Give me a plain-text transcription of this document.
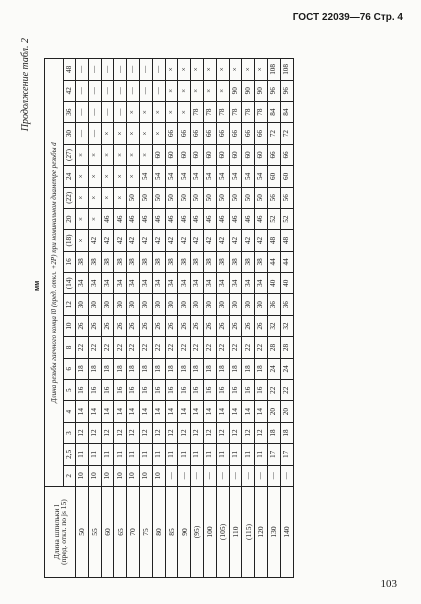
ГОСТ 22039—76 Стр. 4
103
Продолжение табл. 2
мм
Длина шпильки l
(пред. откл. по js 15)	Длина резьбы гаечного конца l0 (пред. откл. +2P) при номинальном диаметре резьбы d																			
	2	2,5	3	4	5	6	8	10	12	(14)	16	(18)	20	(22)	24	(27)	30	36	42	48
50	10	11	12	14	16	18	22	26	30	34	38	×	×	×	×	×	—	—	—	—
55	10	11	12	14	16	18	22	26	30	34	38	42	×	×	×	×	—	—	—	—
60	10	11	12	14	16	18	22	26	30	34	38	42	46	×	×	×	×	—	—	—
65	10	11	12	14	16	18	22	26	30	34	38	42	46	×	×	×	×	—	—	—
70	10	11	12	14	16	18	22	26	30	34	38	42	46	50	×	×	×	×	—	—
75	10	11	12	14	16	18	22	26	30	34	38	42	46	50	54	×	×	×	—	—
80	10	11	12	14	16	18	22	26	30	34	38	42	46	50	54	60	×	×	—	—
85	—	11	12	14	16	18	22	26	30	34	38	42	46	50	54	60	66	×	×	×
90	—	11	12	14	16	18	22	26	30	34	38	42	46	50	54	60	66	×	×	×
(95)	—	11	12	14	16	18	22	26	30	34	38	42	46	50	54	60	66	78	×	×
100	—	11	12	14	16	18	22	26	30	34	38	42	46	50	54	60	66	78	×	×
(105)	—	11	12	14	16	18	22	26	30	34	38	42	46	50	54	60	66	78	×	×
110	—	11	12	14	16	18	22	26	30	34	38	42	46	50	54	60	66	78	90	×
(115)	—	11	12	14	16	18	22	26	30	34	38	42	46	50	54	60	66	78	90	×
120	—	11	12	14	16	18	22	26	30	34	38	42	46	50	54	60	66	78	90	×
130	—	17	18	20	22	24	28	32	36	40	44	48	52	56	60	66	72	84	96	108
140	—	17	18	20	22	24	28	32	36	40	44	48	52	56	60	66	72	84	96	108
